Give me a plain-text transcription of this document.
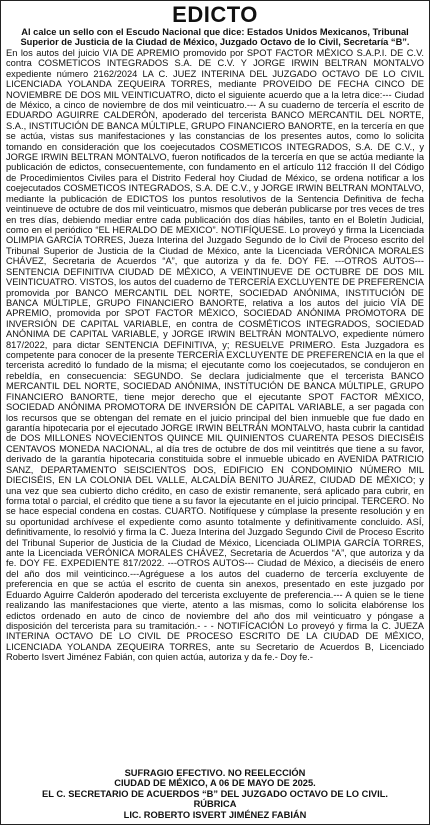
EDICTO

Al calce un sello con el Escudo Nacional que dice: Estados Unidos Mexicanos, Tribunal Superior de Justicia de la Ciudad de México, Juzgado Octavo de lo Civil, Secretaría “B”.

En los autos del juicio VIA DE APREMIO promovido por SPOT FACTOR MÉXICO S.A.P.I. DE C.V. contra COSMETICOS INTEGRADOS S.A. DE C.V. Y JORGE IRWIN BELTRAN MONTALVO expediente número 2162/2024 LA C. JUEZ INTERINA DEL JUZGADO OCTAVO DE LO CIVIL LICENCIADA YOLANDA ZEQUEIRA TORRES, mediante PROVEIDO DE FECHA CINCO DE NOVIEMBRE DE DOS MIL VEINTICUATRO, dicto el siguiente acuerdo que a la letra dice:--- Ciudad de México, a cinco de noviembre de dos mil veinticuatro.--- A su cuaderno de tercería el escrito de EDUARDO AGUIRRE CALDERÓN, apoderado del tercerista BANCO MERCANTIL DEL NORTE, S.A., INSTITUCIÓN DE BANCA MÚLTIPLE, GRUPO FINANCIERO BANORTE, en la tercería en que se actúa, vistas sus manifestaciones y las constancias de los presentes autos, como lo solicita tomando en consideración que los coejecutados COSMETICOS INTEGRADOS, S.A. DE C.V., y JORGE IRWIN BELTRAN MONTALVO, fueron notificados de la tercería en que se actúa mediante la publicación de edictos, consecuentemente, con fundamento en el artículo 112 fracción II del Código de Procedimientos Civiles para el Distrito Federal hoy Ciudad de México, se ordena notificar a los coejecutados COSMETICOS INTEGRADOS, S.A. DE C.V., y JORGE IRWIN BELTRAN MONTALVO, mediante la publicación de EDICTOS los puntos resolutivos de la Sentencia Definitiva de fecha veintinueve de octubre de dos mil veinticuatro, mismos que deberán publicarse por tres veces de tres en tres días, debiendo mediar entre cada publicación dos días hábiles, tanto en el Boletín Judicial, como en el periódico “EL HERALDO DE MEXICO”. NOTIFÍQUESE. Lo proveyó y firma la Licenciada OLIMPIA GARCÍA TORRES, Jueza Interina del Juzgado Segundo de lo Civil de Proceso escrito del Tribunal Superior de Justicia de la Ciudad de México, ante la Licenciada VERÓNICA MORALES CHÁVEZ, Secretaria de Acuerdos “A”, que autoriza y da fe. DOY FE. ---OTROS AUTOS--- SENTENCIA DEFINITIVA CIUDAD DE MÉXICO, A VEINTINUEVE DE OCTUBRE DE DOS MIL VEINTICUATRO. VISTOS, los autos del cuaderno de TERCERÍA EXCLUYENTE DE PREFERENCIA promovida por BANCO MERCANTIL DEL NORTE, SOCIEDAD ANÓNIMA, INSTITUCIÓN DE BANCA MÚLTIPLE, GRUPO FINANCIERO BANORTE, relativa a los autos del juicio VÍA DE APREMIO, promovida por SPOT FACTOR MÉXICO, SOCIEDAD ANÓNIMA PROMOTORA DE INVERSIÓN DE CAPITAL VARIABLE, en contra de COSMÉTICOS INTEGRADOS, SOCIEDAD ANÓNIMA DE CAPITAL VARIABLE, y JORGE IRWIN BELTRÁN MONTALVO, expediente número 817/2022, para dictar SENTENCIA DEFINITIVA, y; RESUELVE PRIMERO. Esta Juzgadora es competente para conocer de la presente TERCERÍA EXCLUYENTE DE PREFERENCIA en la que el tercerista acreditó lo fundado de la misma; el ejecutante como los coejecutados, se condujeron en rebeldía, en consecuencia: SEGUNDO. Se declara judicialmente que el tercerista BANCO MERCANTIL DEL NORTE, SOCIEDAD ANÓNIMA, INSTITUCIÓN DE BANCA MÚLTIPLE, GRUPO FINANCIERO BANORTE, tiene mejor derecho que el ejecutante SPOT FACTOR MÉXICO, SOCIEDAD ANÓNIMA PROMOTORA DE INVERSIÓN DE CAPITAL VARIABLE, a ser pagada con los recursos que se obtengan del remate en el juicio principal del bien inmueble que fue dado en garantía hipotecaria por el ejecutado JORGE IRWIN BELTRÁN MONTALVO, hasta cubrir la cantidad de DOS MILLONES NOVECIENTOS QUINCE MIL QUINIENTOS CUARENTA PESOS DIECISÉIS CENTAVOS MONEDA NACIONAL, al día tres de octubre de dos mil veintitrés que tiene a su favor, derivado de la garantía hipotecaria constituida sobre el inmueble ubicado en AVENIDA PATRICIO SANZ, DEPARTAMENTO SEISCIENTOS DOS, EDIFICIO EN CONDOMINIO NÚMERO MIL DIECISÉIS, EN LA COLONIA DEL VALLE, ALCALDÍA BENITO JUÁREZ, CIUDAD DE MÉXICO; y una vez que sea cubierto dicho crédito, en caso de existir remanente, será aplicado para cubrir, en forma total o parcial, el crédito que tiene a su favor la ejecutante en el juicio principal. TERCERO. No se hace especial condena en costas. CUARTO. Notifíquese y cúmplase la presente resolución y en su oportunidad archívese el expediente como asunto totalmente y definitivamente concluido. ASÍ, definitivamente, lo resolvió y firma la C. Jueza Interina del Juzgado Segundo Civil de Proceso Escrito del Tribunal Superior de Justicia de la Ciudad de México, Licenciada OLIMPIA GARCÍA TORRES, ante la Licenciada VERÓNICA MORALES CHÁVEZ, Secretaria de Acuerdos “A”, que autoriza y da fe. DOY FE. EXPEDIENTE 817/2022. ---OTROS AUTOS--- Ciudad de México, a dieciséis de enero del año dos mil veinticinco.---Agréguese a los autos del cuaderno de tercería excluyente de preferencia en que se actúa el escrito de cuenta sin anexos, presentado en este juzgado por Eduardo Aguirre Calderón apoderado del tercerista excluyente de preferencia.--- A quien se le tiene realizando las manifestaciones que vierte, atento a las mismas, como lo solicita elabórense los edictos ordenado en auto de cinco de noviembre del año dos mil veinticuatro y póngase a disposición del tercerista para su tramitación.- - - NOTIFÍCACIÓN Lo proveyó y firma la C. JUEZA INTERINA OCTAVO DE LO CIVIL DE PROCESO ESCRITO DE LA CIUDAD DE MÉXICO, LICENCIADA YOLANDA ZEQUEIRA TORRES, ante su Secretario de Acuerdos B, Licenciado Roberto Isvert Jiménez Fabián, con quien actúa, autoriza y da fe.- Doy fe.-

SUFRAGIO EFECTIVO. NO REELECCIÓN

CIUDAD DE MÉXICO, A 06 DE MAYO DE 2025.

EL C. SECRETARIO DE ACUERDOS “B” DEL JUZGADO OCTAVO DE LO CIVIL.

RÚBRICA

LIC. ROBERTO ISVERT JIMÉNEZ FABIÁN
